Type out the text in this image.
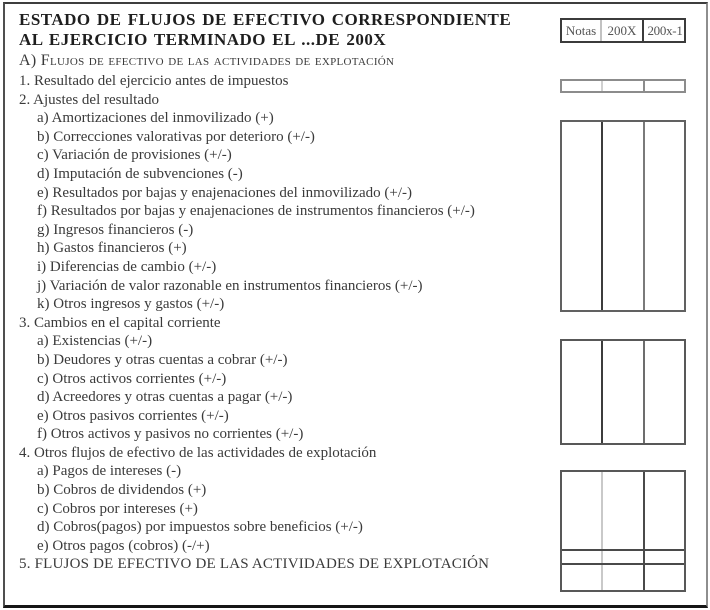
ESTADO DE FLUJOS DE EFECTIVO CORRESPONDIENTE
AL EJERCICIO TERMINADO EL ...DE 200X
A) Flujos de efectivo de las actividades de explotación
1. Resultado del ejercicio antes de impuestos
2. Ajustes del resultado
a) Amortizaciones del inmovilizado (+)
b) Correcciones valorativas por deterioro (+/-)
c) Variación de provisiones (+/-)
d) Imputación de subvenciones (-)
e) Resultados por bajas y enajenaciones del inmovilizado (+/-)
f) Resultados por bajas y enajenaciones de instrumentos financieros (+/-)
g) Ingresos financieros (-)
h) Gastos financieros (+)
i) Diferencias de cambio (+/-)
j) Variación de valor razonable en instrumentos financieros (+/-)
k) Otros ingresos y gastos (+/-)
3. Cambios en el capital corriente
a) Existencias (+/-)
b) Deudores y otras cuentas a cobrar (+/-)
c) Otros activos corrientes (+/-)
d) Acreedores y otras cuentas a pagar (+/-)
e) Otros pasivos corrientes (+/-)
f) Otros activos y pasivos no corrientes (+/-)
4. Otros flujos de efectivo de las actividades de explotación
a) Pagos de intereses (-)
b) Cobros de dividendos (+)
c) Cobros por intereses (+)
d) Cobros(pagos) por impuestos sobre beneficios (+/-)
e) Otros pagos (cobros) (-/+)
5. FLUJOS DE EFECTIVO DE LAS ACTIVIDADES DE EXPLOTACIÓN
Notas 200X 200x-1
